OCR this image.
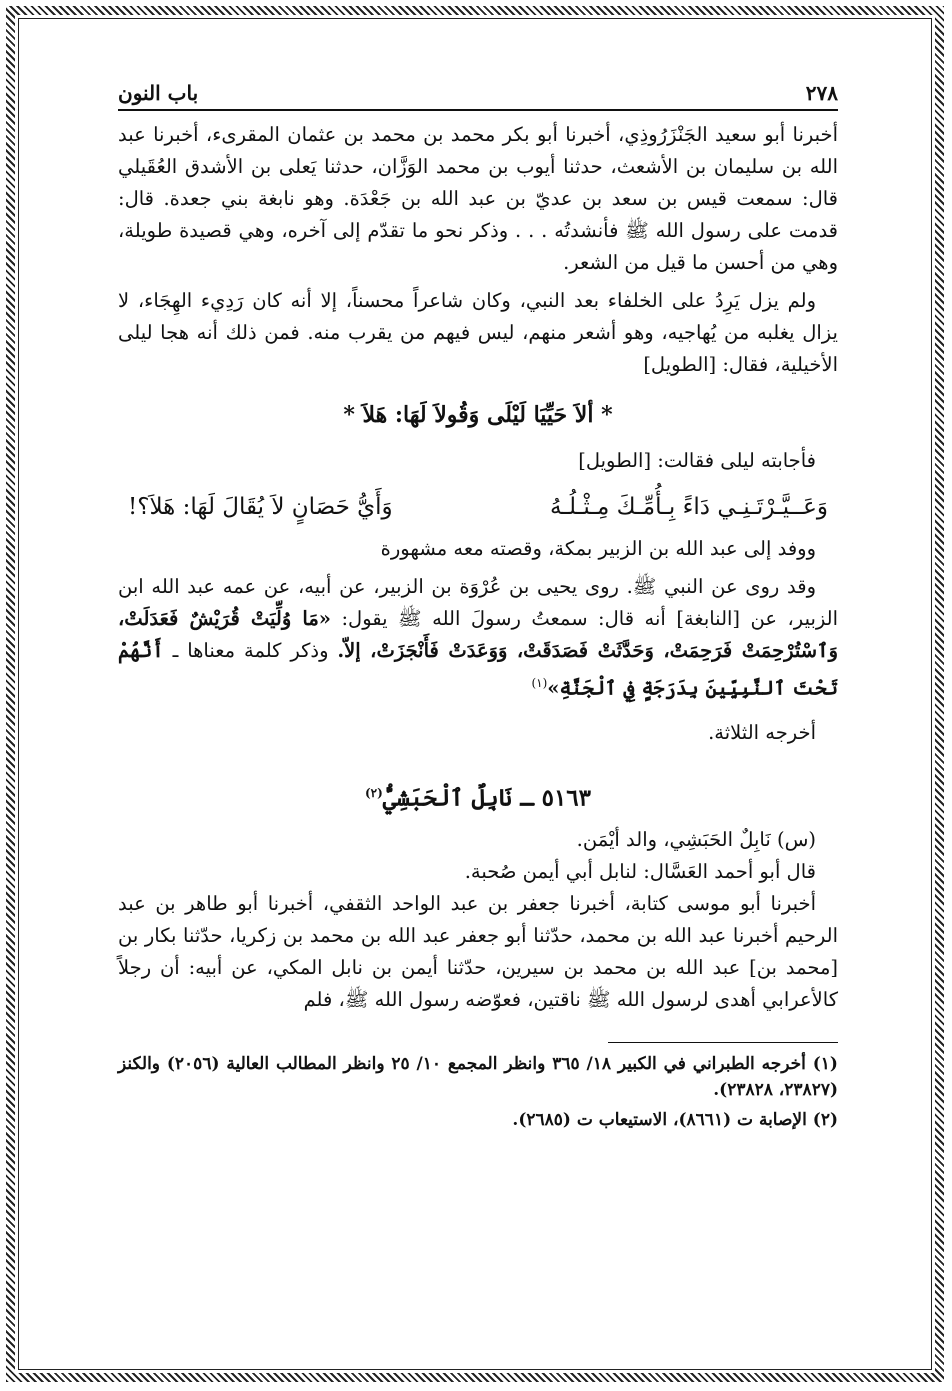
٢٧٨
باب النون

أخبرنا أبو سعيد الجَنْزَرُوذِي، أخبرنا أبو بكر محمد بن محمد بن عثمان المقرىء، أخبرنا عبد الله بن سليمان بن الأشعث، حدثنا أيوب بن محمد الوَزَّان، حدثنا يَعلى بن الأشدق العُقَيلي قال: سمعت قيس بن سعد بن عديّ بن عبد الله بن جَعْدَة. وهو نابغة بني جعدة. قال: قدمت على رسول الله ﷺ فأنشدتُه . . . وذكر نحو ما تقدّم إلى آخره، وهي قصيدة طويلة، وهي من أحسن ما قيل من الشعر.

ولم يزل يَرِدُ على الخلفاء بعد النبي، وكان شاعراً محسناً، إلا أنه كان رَدِيء الهِجَاء، لا يزال يغلبه من يُهاجيه، وهو أشعر منهم، ليس فيهم من يقرب منه. فمن ذلك أنه هجا ليلى الأخيلية، فقال: [الطويل]

* ألاَ حَيِّيَا لَيْلَى وَقُولاَ لَهَا: هَلاَ *

فأجابته ليلى فقالت: [الطويل]

وَعَــيَّـرْتَـنِـي دَاءً بِـأُمِّـكَ مِـثْـلُـهُ
وَأَيُّ حَصَانٍ لاَ يُقَالَ لَهَا: هَلاَ؟!

ووفد إلى عبد الله بن الزبير بمكة، وقصته معه مشهورة

وقد روى عن النبي ﷺ. روى يحيى بن عُرْوَة بن الزبير، عن أبيه، عن عمه عبد الله ابن الزبير، عن [النابغة] أنه قال: سمعتُ رسولَ الله ﷺ يقول: «مَا وُلِّيَتْ قُرَيْشٌ فَعَدَلَتْ، وَٱسْتُرْحِمَتْ فَرَحِمَتْ، وَحَدَّثَتْ فَصَدَقَتْ، وَوَعَدَتْ فَأَنْجَزَتْ، إلاّ. وذكر كلمة معناها ـ أَنَّهُمْ تَحْتَ ٱلنَّبِيِّينَ بِدَرَجَةٍ فِي ٱلْجَنَّةِ»$^{(١)}$

أخرجه الثلاثة.

٥١٦٣ ـ نَابِلٌ ٱلْحَبَشِيُّ$^{(٢)}$

(س) نَابِلٌ الحَبَشِي، والد أيْمَن.

قال أبو أحمد العَسَّال: لنابل أبي أيمن صُحبة.

أخبرنا أبو موسى كتابة، أخبرنا جعفر بن عبد الواحد الثقفي، أخبرنا أبو طاهر بن عبد الرحيم أخبرنا عبد الله بن محمد، حدّثنا أبو جعفر عبد الله بن محمد بن زكريا، حدّثنا بكار بن [محمد بن] عبد الله بن محمد بن سيرين، حدّثنا أيمن بن نابل المكي، عن أبيه: أن رجلاً كالأعرابي أهدى لرسول الله ﷺ ناقتين، فعوّضه رسول الله ﷺ، فلم

(١) أخرجه الطبراني في الكبير ١٨/ ٣٦٥ وانظر المجمع ١٠/ ٢٥ وانظر المطالب العالية (٢٠٥٦) والكنز (٢٣٨٢٧، ٢٣٨٢٨).

(٢) الإصابة ت (٨٦٦١)، الاستيعاب ت (٢٦٨٥).
